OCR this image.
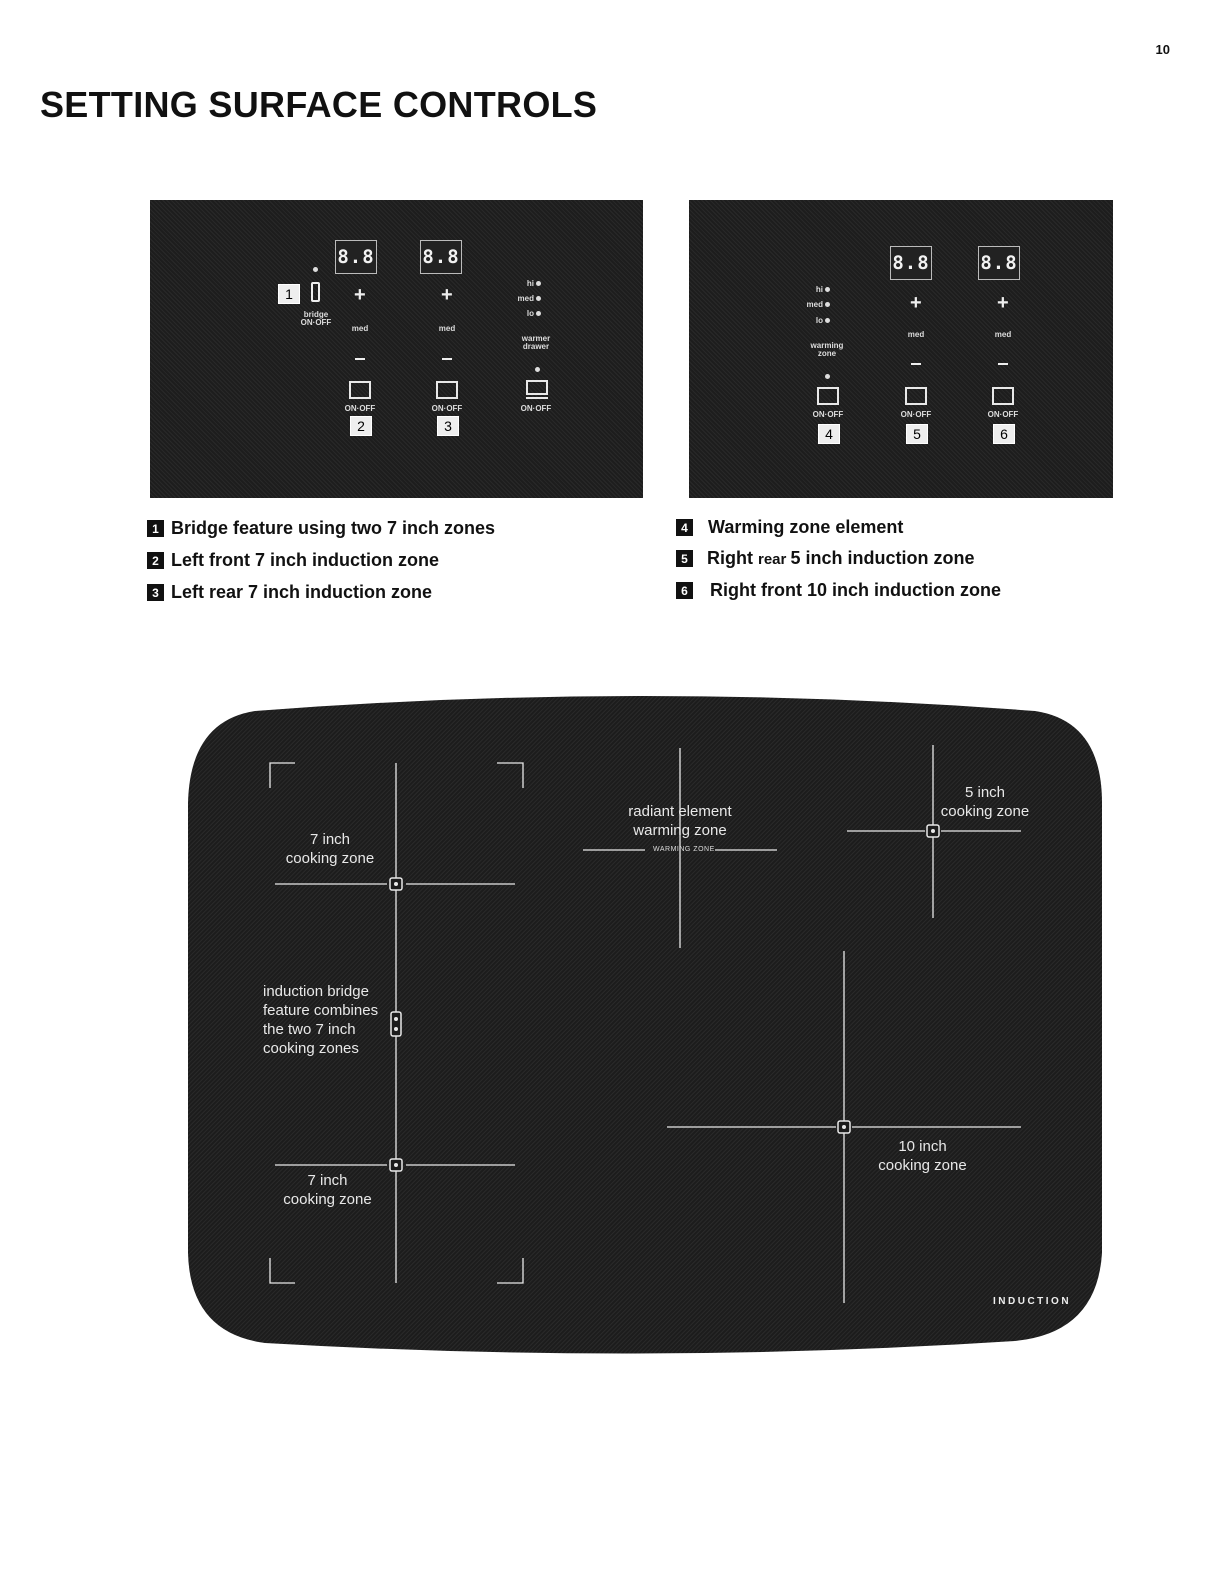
10
SETTING SURFACE CONTROLS
8.8	8.8
1
bridge
ON·OFF
+
med
ON·OFF
2
+
med
ON·OFF
3
hi
med
lo
warmer
drawer
ON·OFF
8.8	8.8
hi
med
lo
warming
zone
ON·OFF
4
+
med
ON·OFF
5
+
med
ON·OFF
6
1 Bridge feature using two 7 inch zones
2 Left front 7 inch induction zone
3 Left rear 7 inch induction zone
4 Warming zone element
5 Right rear 5 inch induction zone
6 Right front 10 inch induction zone
7 inch
cooking zone
induction bridge
feature combines
the two 7 inch
cooking zones
7 inch
cooking zone
radiant element
warming zone
WARMING ZONE
5 inch
cooking zone
10 inch
cooking zone
INDUCTION
